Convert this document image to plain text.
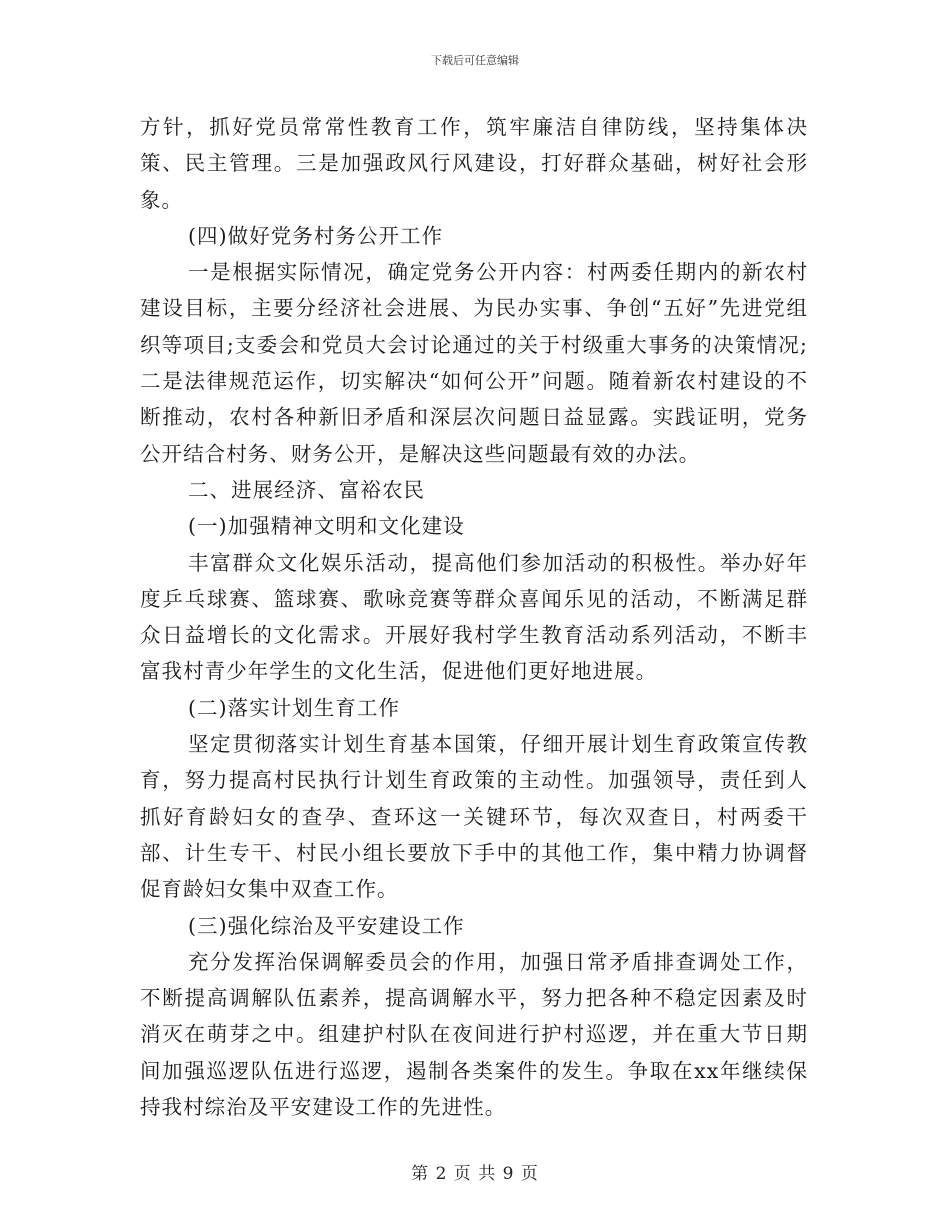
下载后可任意编辑

方针，抓好党员常常性教育工作，筑牢廉洁自律防线，坚持集体决策、民主管理。三是加强政风行风建设，打好群众基础，树好社会形象。

(四)做好党务村务公开工作

一是根据实际情况，确定党务公开内容：村两委任期内的新农村建设目标，主要分经济社会进展、为民办实事、争创“五好”先进党组织等项目;支委会和党员大会讨论通过的关于村级重大事务的决策情况;二是法律规范运作，切实解决“如何公开”问题。随着新农村建设的不断推动，农村各种新旧矛盾和深层次问题日益显露。实践证明，党务公开结合村务、财务公开，是解决这些问题最有效的办法。

二、进展经济、富裕农民

(一)加强精神文明和文化建设

丰富群众文化娱乐活动，提高他们参加活动的积极性。举办好年度乒乓球赛、篮球赛、歌咏竞赛等群众喜闻乐见的活动，不断满足群众日益增长的文化需求。开展好我村学生教育活动系列活动，不断丰富我村青少年学生的文化生活，促进他们更好地进展。

(二)落实计划生育工作

坚定贯彻落实计划生育基本国策，仔细开展计划生育政策宣传教育，努力提高村民执行计划生育政策的主动性。加强领导，责任到人抓好育龄妇女的查孕、查环这一关键环节，每次双查日，村两委干部、计生专干、村民小组长要放下手中的其他工作，集中精力协调督促育龄妇女集中双查工作。

(三)强化综治及平安建设工作

充分发挥治保调解委员会的作用，加强日常矛盾排查调处工作，不断提高调解队伍素养，提高调解水平，努力把各种不稳定因素及时消灭在萌芽之中。组建护村队在夜间进行护村巡逻，并在重大节日期间加强巡逻队伍进行巡逻，遏制各类案件的发生。争取在xx年继续保持我村综治及平安建设工作的先进性。

第 2 页 共 9 页
